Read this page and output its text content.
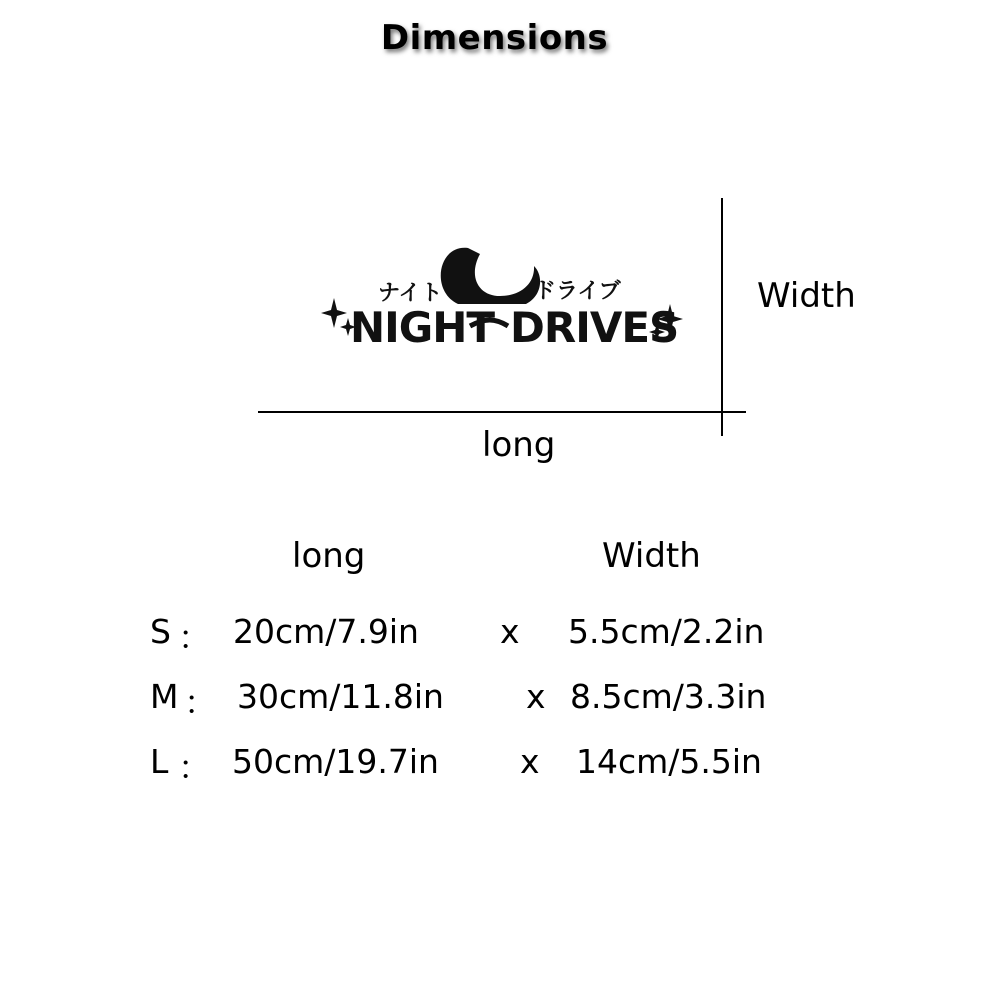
Dimensions
ナイト	ドライブ
NIGHT DRIVES
Width
long
long	Width
S ： 20cm/7.9in x 5.5cm/2.2in
M ： 30cm/11.8in x 8.5cm/3.3in
L ： 50cm/19.7in x 14cm/5.5in
